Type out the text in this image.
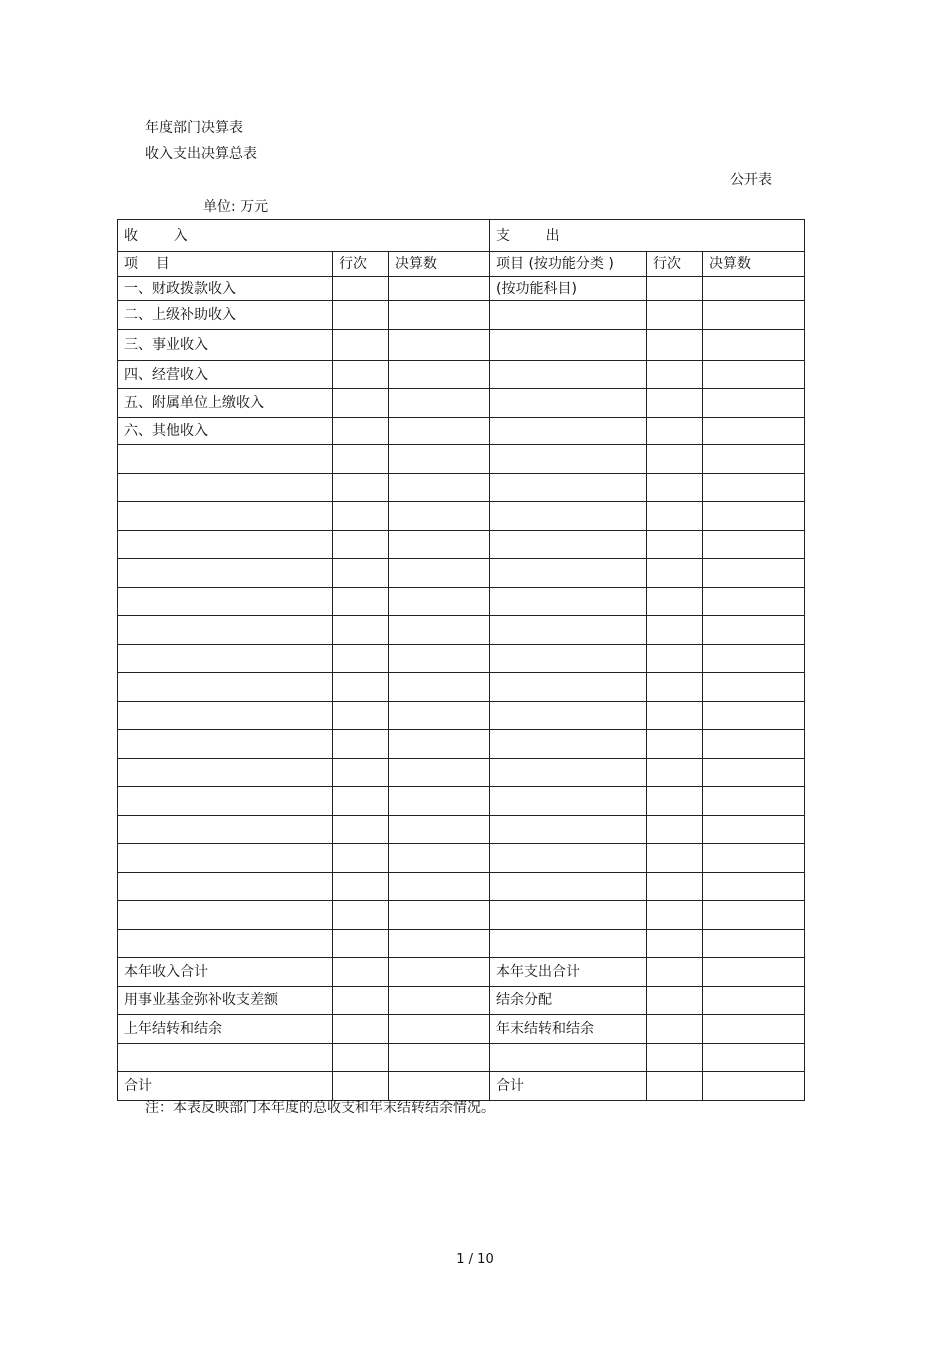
年度部门决算表
收入支出决算总表
公开表
单位: 万元
收        入			支        出		
项    目	行次	决算数	项目 (按功能分类 )	行次	决算数
一、财政拨款收入			(按功能科目)		
二、上级补助收入					
三、事业收入					
四、经营收入					
五、附属单位上缴收入					
六、其他收入					

本年收入合计			本年支出合计		
用事业基金弥补收支差额			结余分配		
上年结转和结余			年末结转和结余		

合计			合计		
注：本表反映部门本年度的总收支和年末结转结余情况。
1 / 10
